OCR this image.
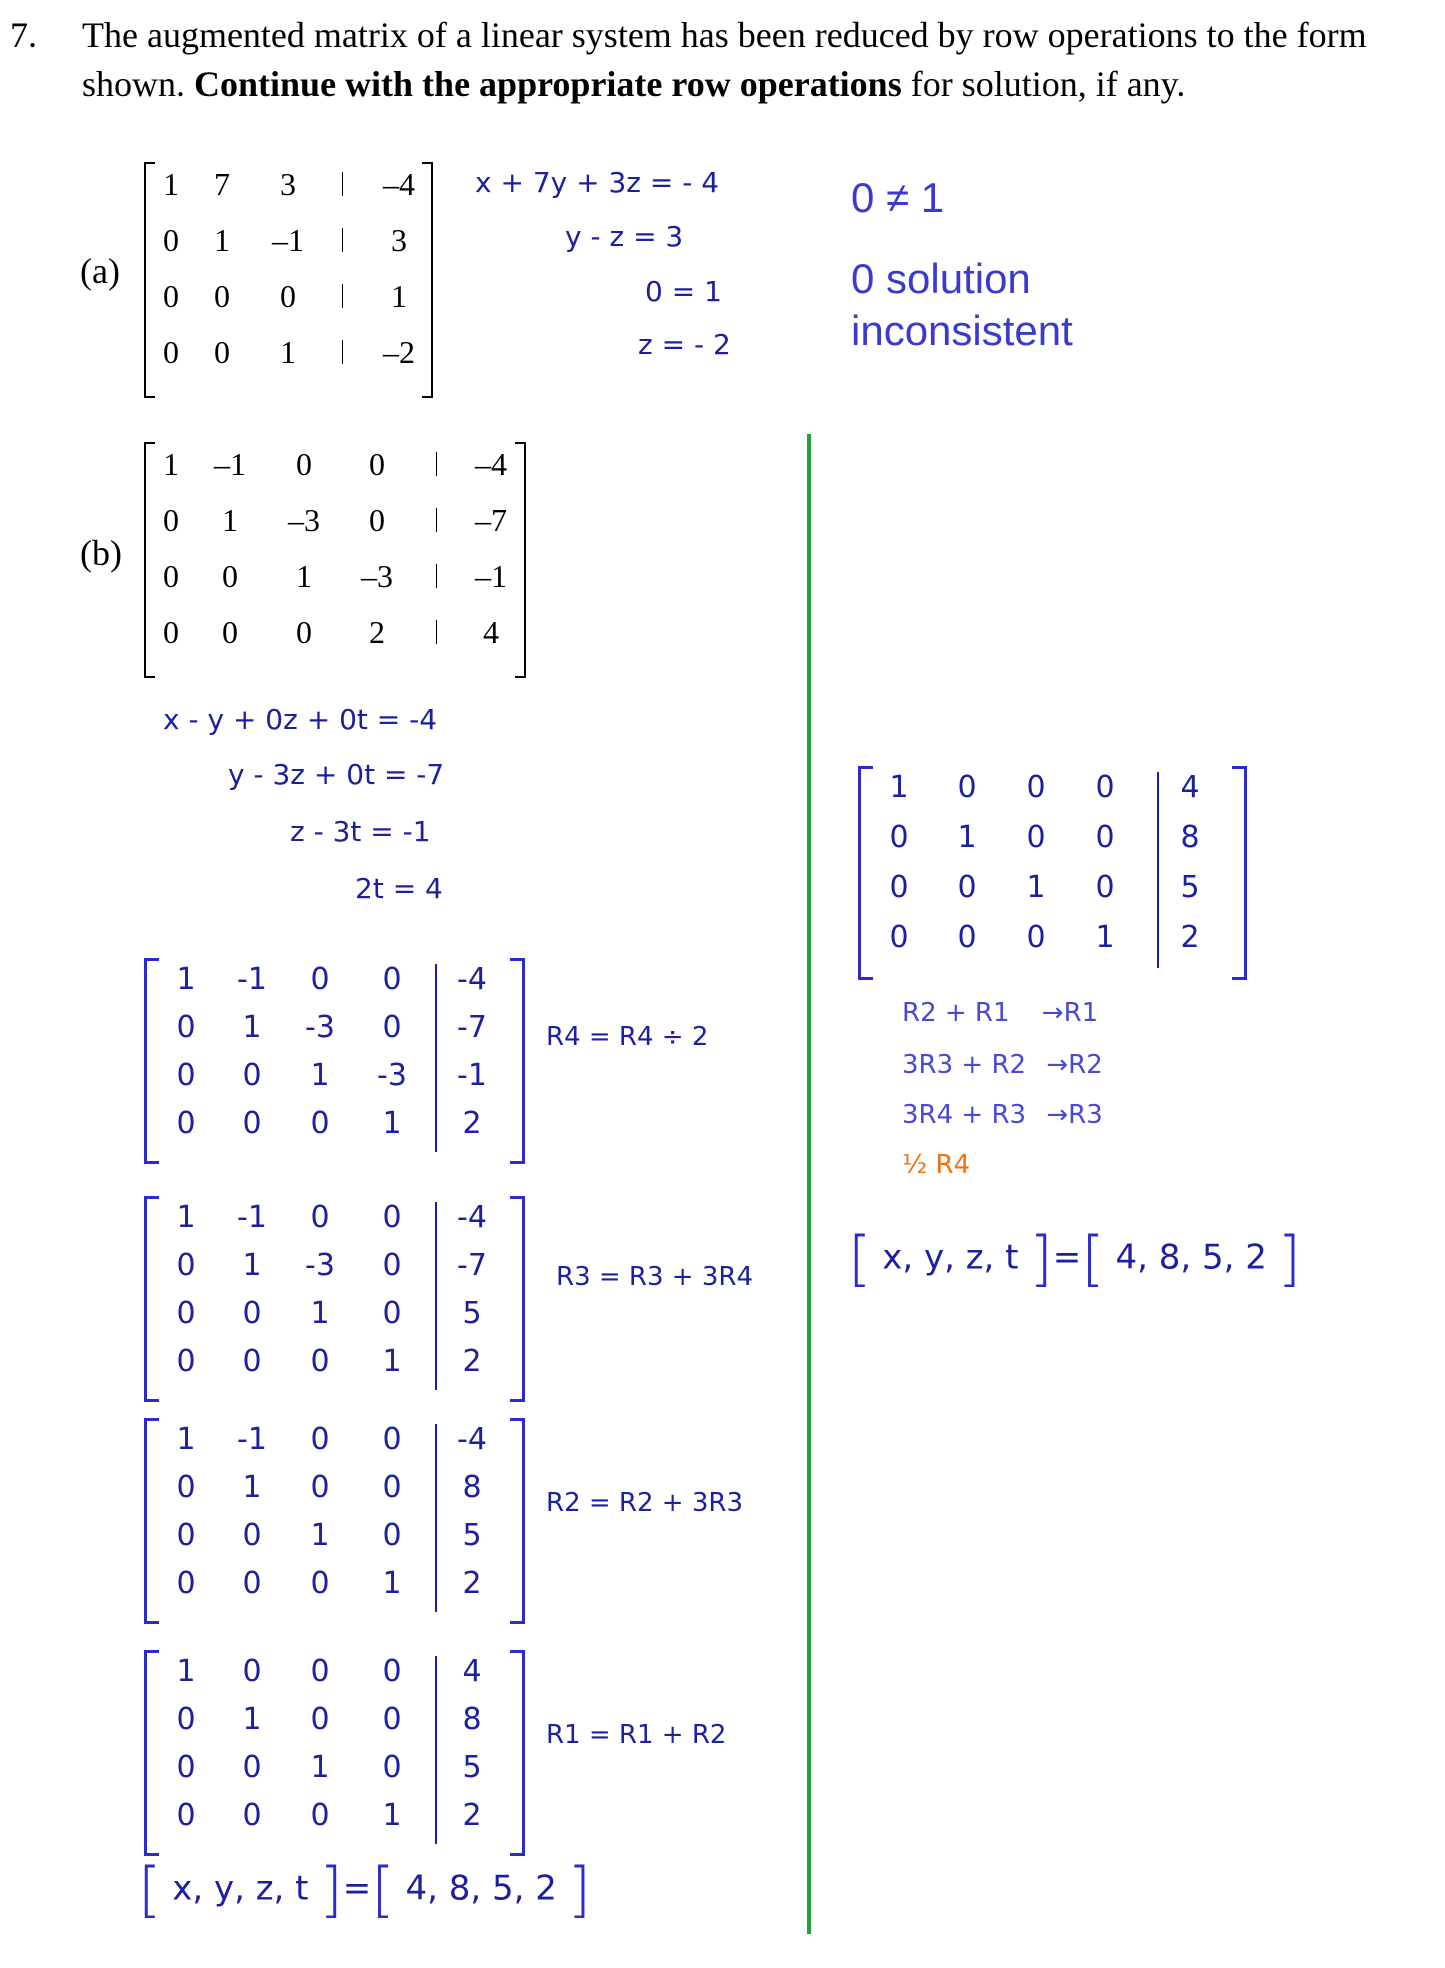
7. The augmented matrix of a linear system has been reduced by row operations to the form
shown. Continue with the appropriate row operations for solution, if any.
(a)
1 7 3	–4
0 1 –1	3
0 0 0	1
0 0 1	–2
x + 7y + 3z = - 4
y - z = 3
0 = 1
z = - 2
0 ≠ 1
0 solution
inconsistent
(b)
1 –1 0 0	–4
0 1 –3 0	–7
0 0 1 –3	–1
0 0 0 2	4
x - y + 0z + 0t = -4
y - 3z + 0t = -7
z - 3t = -1
2t = 4
1 -1 0 0 -4
0 1 -3 0 -7
0 0 1 -3 -1
0 0 0 1 2
1 -1 0 0 -4
0 1 -3 0 -7
0 0 1 0 5
0 0 0 1 2
1 -1 0 0 -4
0 1 0 0 8
0 0 1 0 5
0 0 0 1 2
1 0 0 0 4
0 1 0 0 8
0 0 1 0 5
0 0 0 1 2
R4 = R4 ÷ 2
R3 = R3 + 3R4
R2 = R2 + 3R3
R1 = R1 + R2
[ x, y, z, t ]=[ 4, 8, 5, 2 ]
1 0 0 0 4
0 1 0 0 8
0 0 1 0 5
0 0 0 1 2
R2 + R1 →R1
3R3 + R2 →R2
3R4 + R3 →R3
½ R4
[ x, y, z, t ]=[ 4, 8, 5, 2 ]
